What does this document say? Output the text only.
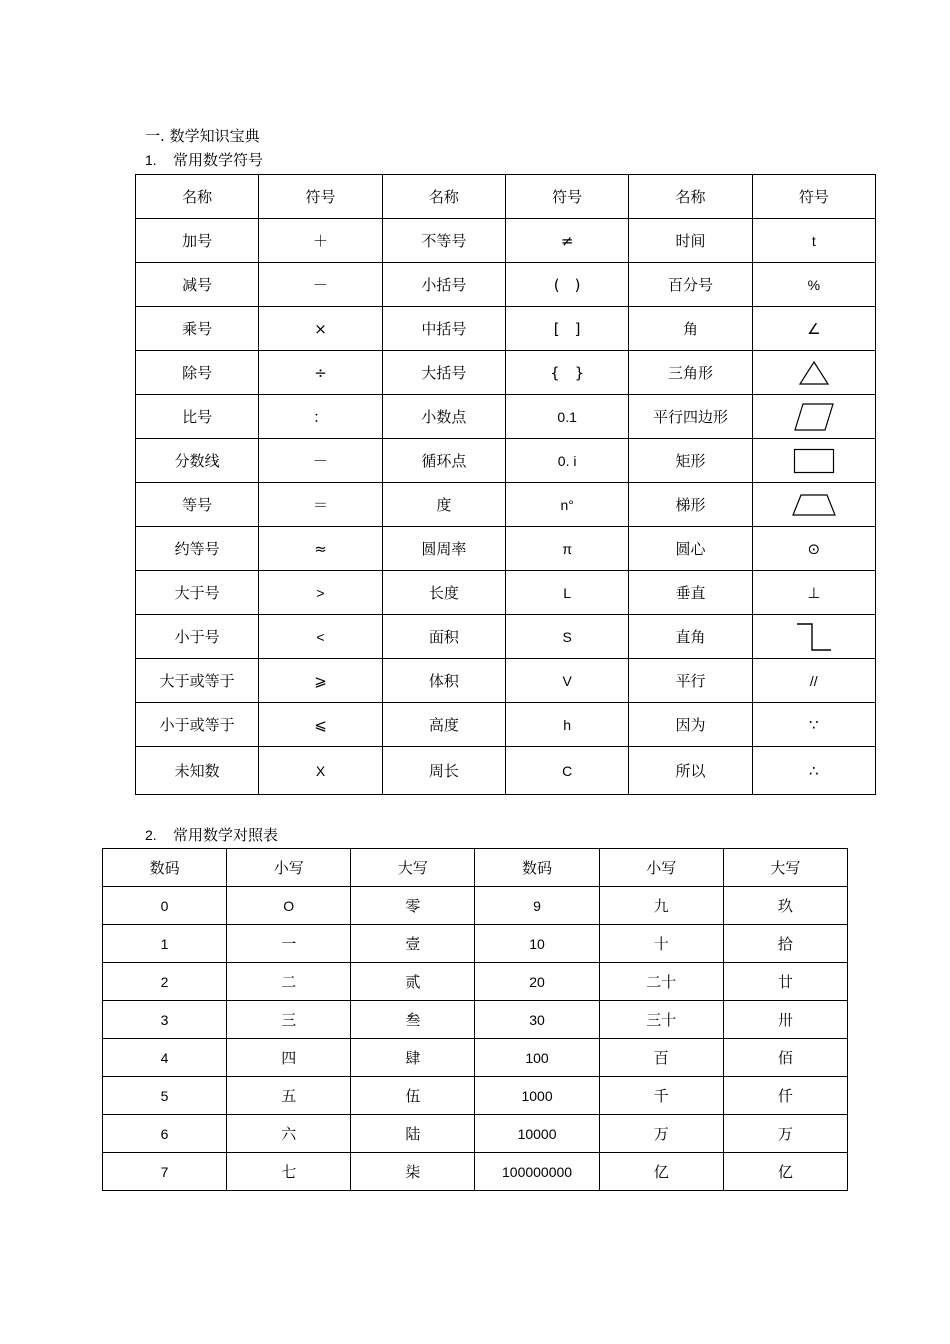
一. 数学知识宝典
1. 常用数学符号
名称	符号	名称	符号	名称	符号
加号	＋	不等号	≠	时间	t
减号	－	小括号	(　)	百分号	%
乘号	×	中括号	[　]	角	∠
除号	÷	大括号	{　}	三角形	

比号	：	小数点	0.1	平行四边形	

分数线	－	循环点	0. i	矩形	

等号	＝	度	n°	梯形	

约等号	≈	圆周率	π	圆心	⊙
大于号	>	长度	L	垂直	⊥
小于号	<	面积	S	直角	

大于或等于	⩾	体积	V	平行	//
小于或等于	⩽	高度	h	因为	∵
未知数	X	周长	C	所以	∴
2. 常用数学对照表
数码	小写	大写	数码	小写	大写
0	O	零	9	九	玖
1	一	壹	10	十	拾
2	二	贰	20	二十	廿
3	三	叁	30	三十	卅
4	四	肆	100	百	佰
5	五	伍	1000	千	仟
6	六	陆	10000	万	万
7	七	柒	100000000	亿	亿
